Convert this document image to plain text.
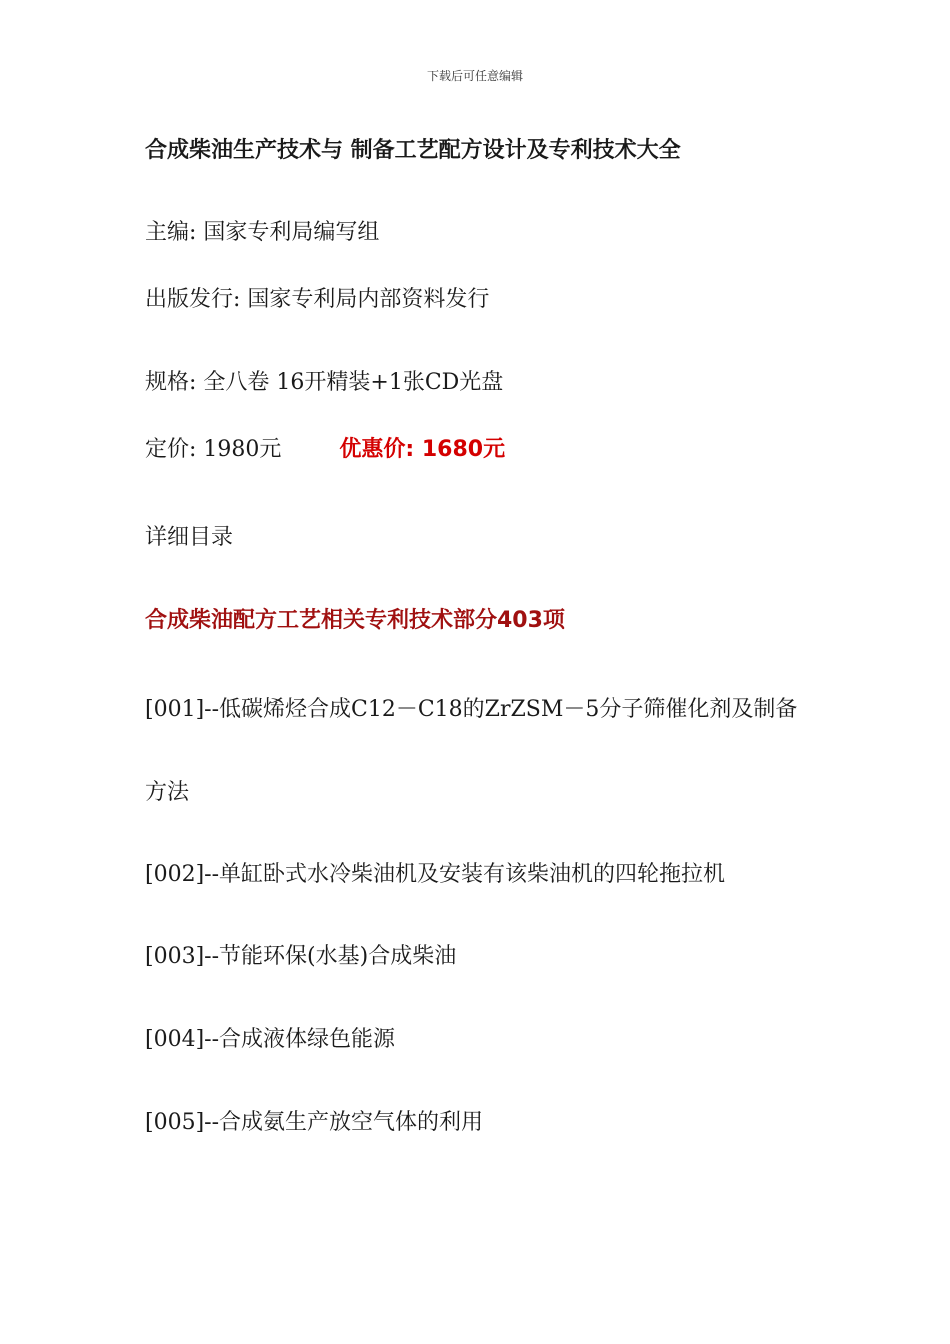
下载后可任意编辑
合成柴油生产技术与 制备工艺配方设计及专利技术大全
主编: 国家专利局编写组
出版发行: 国家专利局内部资料发行
规格: 全八卷 16开精装+1张CD光盘
定价: 1980元	优惠价: 1680元
详细目录
合成柴油配方工艺相关专利技术部分403项
[001]--低碳烯烃合成C12－C18的ZrZSM－5分子筛催化剂及制备
方法
[002]--单缸卧式水冷柴油机及安装有该柴油机的四轮拖拉机
[003]--节能环保(水基)合成柴油
[004]--合成液体绿色能源
[005]--合成氨生产放空气体的利用
